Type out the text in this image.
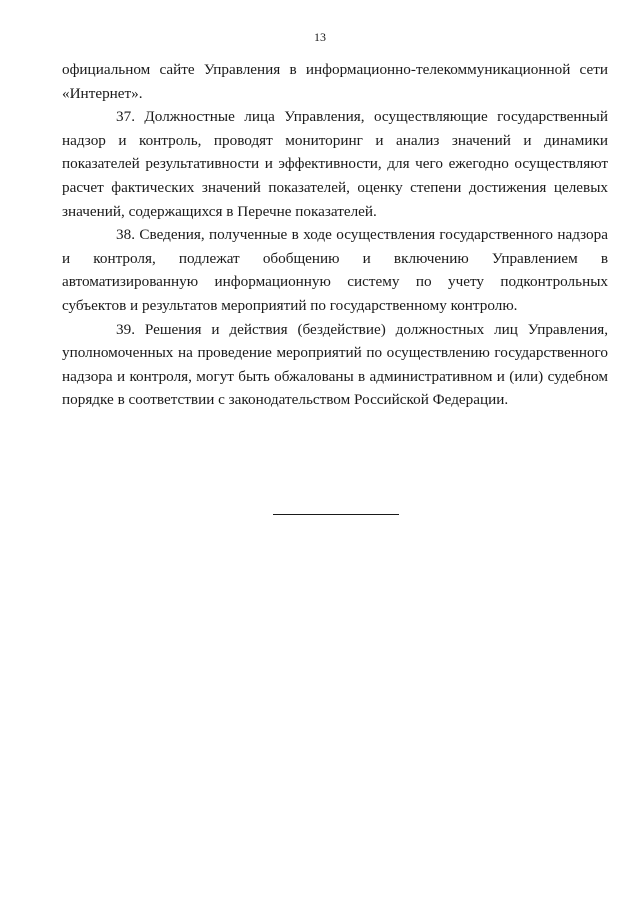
13

официальном сайте Управления в информационно-телекоммуникационной сети «Интернет».

37. Должностные лица Управления, осуществляющие государственный надзор и контроль, проводят мониторинг и анализ значений и динамики показателей результативности и эффективности, для чего ежегодно осуществляют расчет фактических значений показателей, оценку степени достижения целевых значений, содержащихся в Перечне показателей.

38. Сведения, полученные в ходе осуществления государственного надзора и контроля, подлежат обобщению и включению Управлением в автоматизированную информационную систему по учету подконтрольных субъектов и результатов мероприятий по государственному контролю.

39. Решения и действия (бездействие) должностных лиц Управления, уполномоченных на проведение мероприятий по осуществлению государственного надзора и контроля, могут быть обжалованы в административном и (или) судебном порядке в соответствии с законодательством Российской Федерации.
